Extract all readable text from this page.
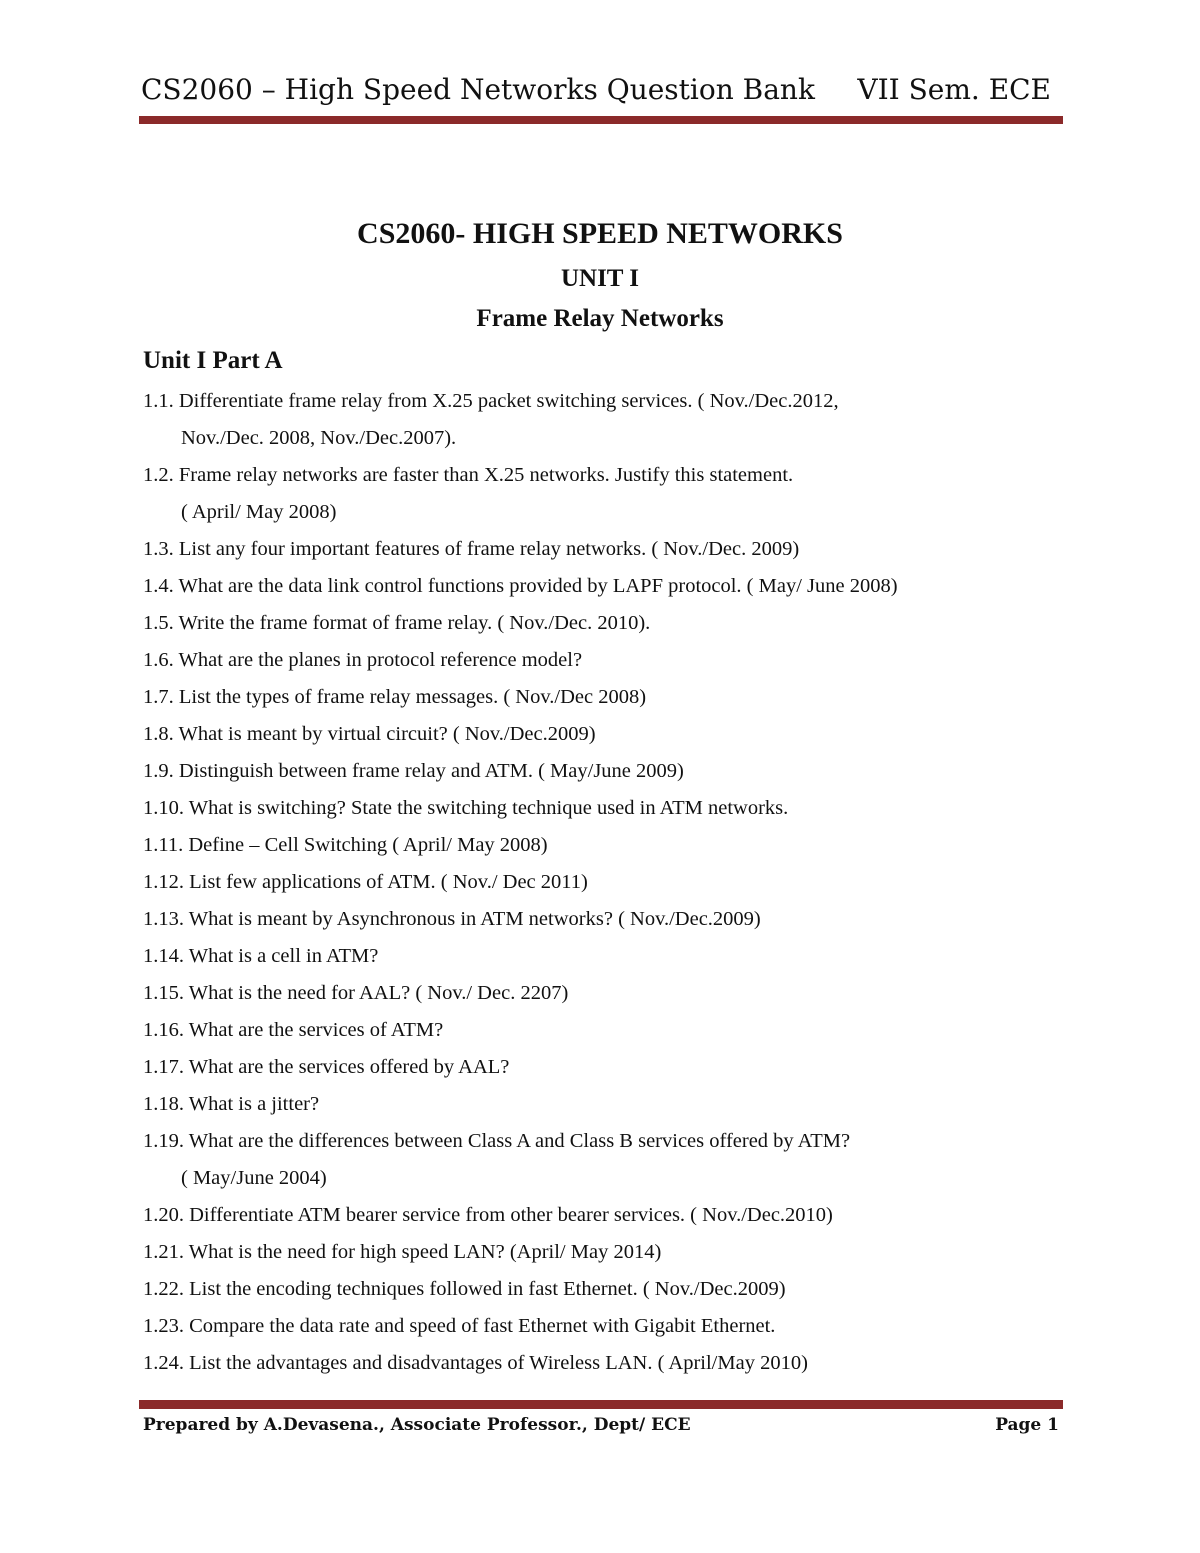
CS2060 – High Speed Networks Question Bank VII Sem. ECE
CS2060- HIGH SPEED NETWORKS
UNIT I
Frame Relay Networks
Unit I Part A
1.1. Differentiate frame relay from X.25 packet switching services. ( Nov./Dec.2012,
Nov./Dec. 2008, Nov./Dec.2007).
1.2. Frame relay networks are faster than X.25 networks. Justify this statement.
( April/ May 2008)
1.3. List any four important features of frame relay networks. ( Nov./Dec. 2009)
1.4. What are the data link control functions provided by LAPF protocol. ( May/ June 2008)
1.5. Write the frame format of frame relay. ( Nov./Dec. 2010).
1.6. What are the planes in protocol reference model?
1.7. List the types of frame relay messages. ( Nov./Dec 2008)
1.8. What is meant by virtual circuit? ( Nov./Dec.2009)
1.9. Distinguish between frame relay and ATM. ( May/June 2009)
1.10. What is switching? State the switching technique used in ATM networks.
1.11. Define – Cell Switching ( April/ May 2008)
1.12. List few applications of ATM. ( Nov./ Dec 2011)
1.13. What is meant by Asynchronous in ATM networks? ( Nov./Dec.2009)
1.14. What is a cell in ATM?
1.15. What is the need for AAL? ( Nov./ Dec. 2207)
1.16. What are the services of ATM?
1.17. What are the services offered by AAL?
1.18. What is a jitter?
1.19. What are the differences between Class A and Class B services offered by ATM?
( May/June 2004)
1.20. Differentiate ATM bearer service from other bearer services. ( Nov./Dec.2010)
1.21. What is the need for high speed LAN? (April/ May 2014)
1.22. List the encoding techniques followed in fast Ethernet. ( Nov./Dec.2009)
1.23. Compare the data rate and speed of fast Ethernet with Gigabit Ethernet.
1.24. List the advantages and disadvantages of Wireless LAN. ( April/May 2010)
Prepared by A.Devasena., Associate Professor., Dept/ ECE	Page 1
